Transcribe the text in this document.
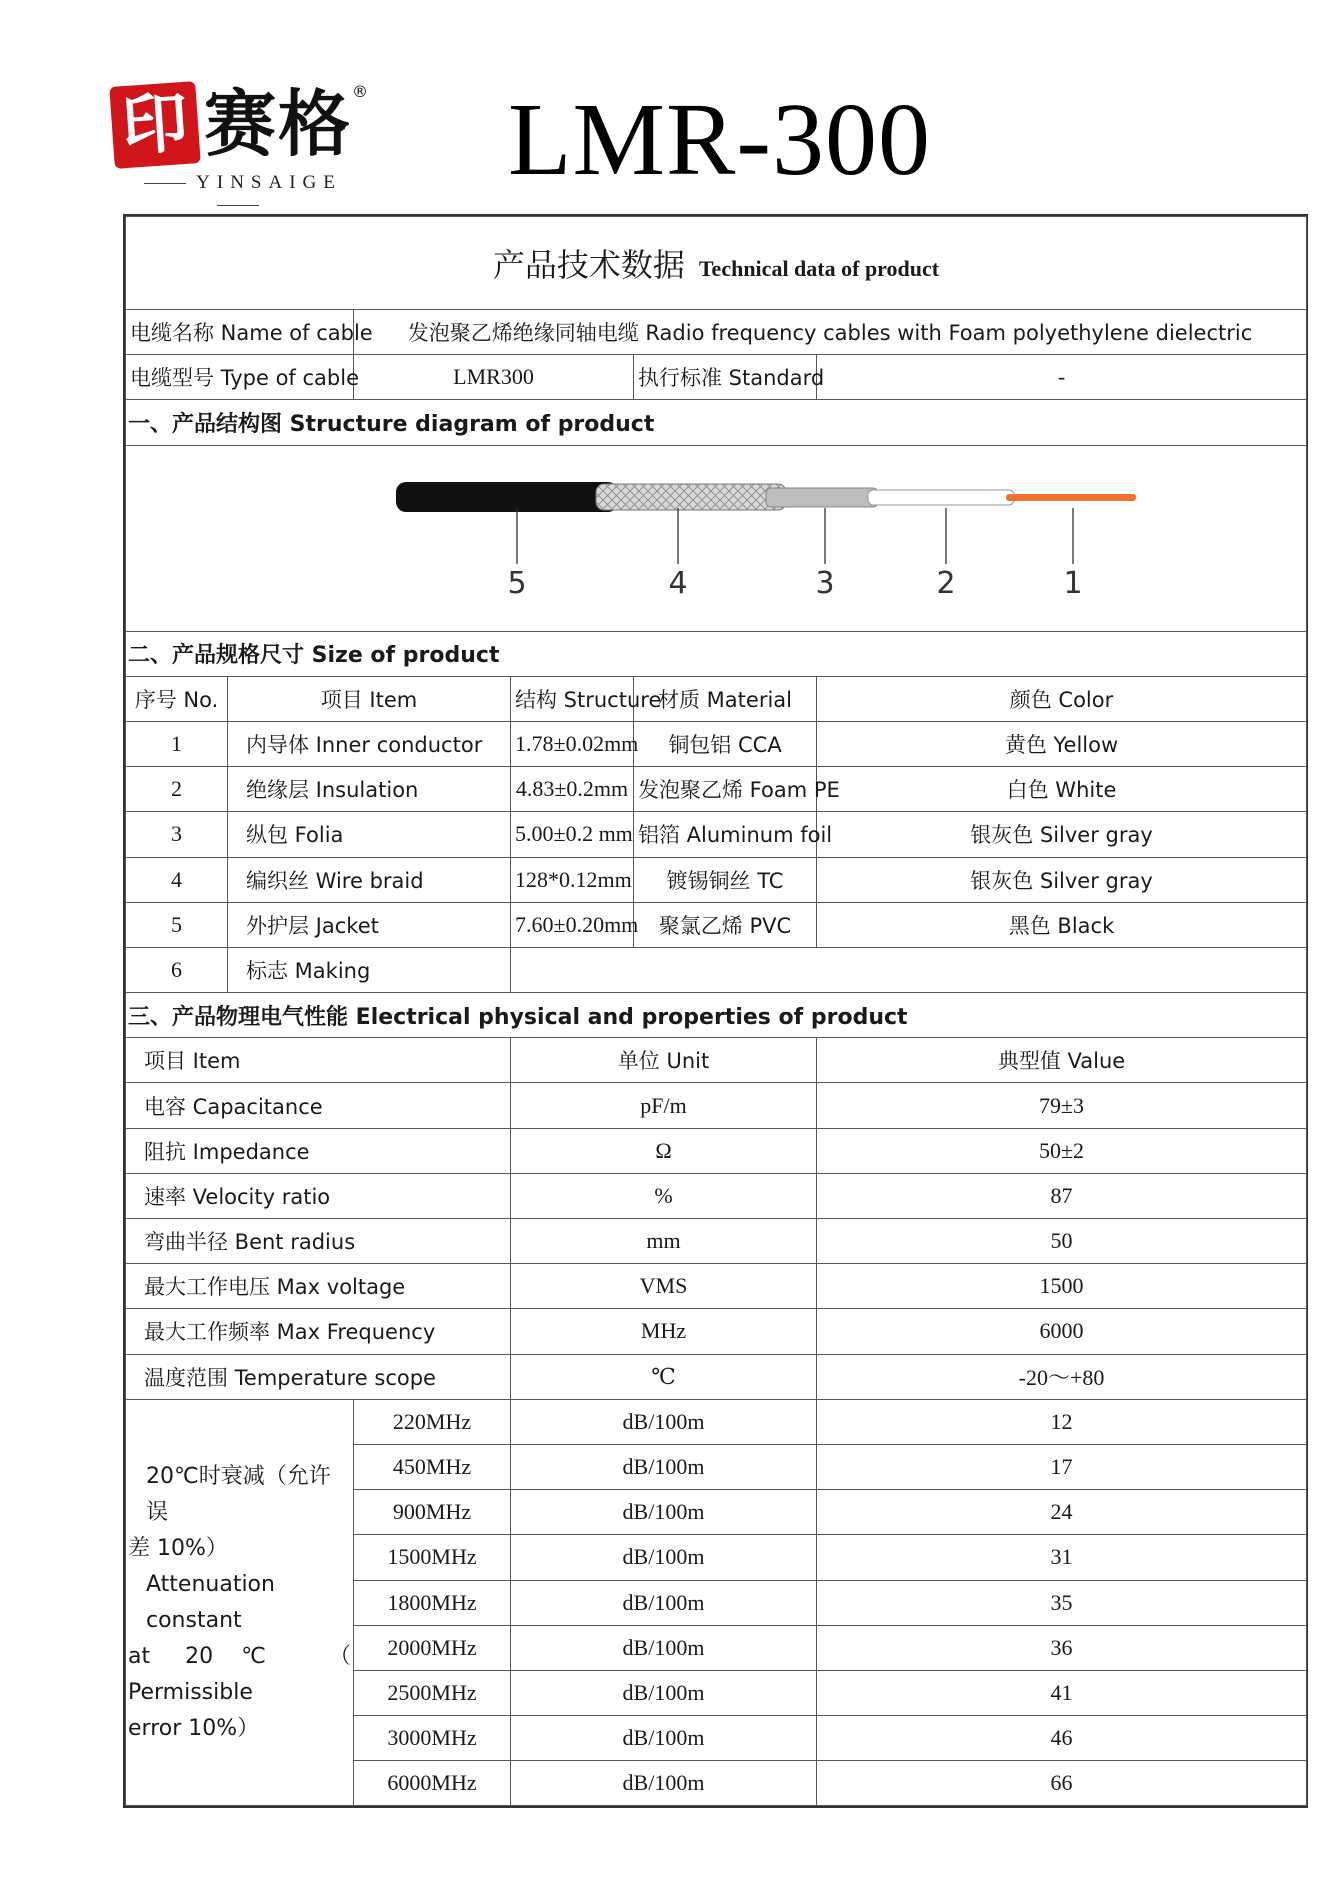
印 赛格 ®
YINSAIGE LMR-300
产品技术数据 Technical data of product					
电缆名称 Name of cable		发泡聚乙烯绝缘同轴电缆 Radio frequency cables with Foam polyethylene dielectric			
电缆型号 Type of cable		LMR300		执行标准 Standard	-
一、产品结构图 Structure diagram of product					

5 4 3 2 1					

二、产品规格尺寸 Size of product					
序号 No.	项目 Item		结构 Structure	材质 Material	颜色 Color
1	内导体 Inner conductor		1.78±0.02mm	铜包铝 CCA	黄色 Yellow
2	绝缘层 Insulation		4.83±0.2mm	发泡聚乙烯 Foam PE	白色 White
3	纵包 Folia		5.00±0.2 mm	铝箔 Aluminum foil	银灰色 Silver gray
4	编织丝 Wire braid		128*0.12mm	镀锡铜丝 TC	银灰色 Silver gray
5	外护层 Jacket		7.60±0.20mm	聚氯乙烯 PVC	黑色 Black
6	标志 Making				
三、产品物理电气性能 Electrical physical and properties of product					
项目 Item			单位 Unit		典型值 Value
电容 Capacitance			pF/m		79±3
阻抗 Impedance			Ω		50±2
速率 Velocity ratio			%		87
弯曲半径 Bent radius			mm		50
最大工作电压 Max voltage			VMS		1500
最大工作频率 Max Frequency			MHz		6000
温度范围 Temperature scope			℃		-20～+80

20℃时衰减（允许误
差 10%）
Attenuation constant
at 20℃ （ Permissible
error 10%）		220MHz	dB/100m		12
		450MHz	dB/100m		17
		900MHz	dB/100m		24
		1500MHz	dB/100m		31
		1800MHz	dB/100m		35
		2000MHz	dB/100m		36
		2500MHz	dB/100m		41
		3000MHz	dB/100m		46
		6000MHz	dB/100m		66
